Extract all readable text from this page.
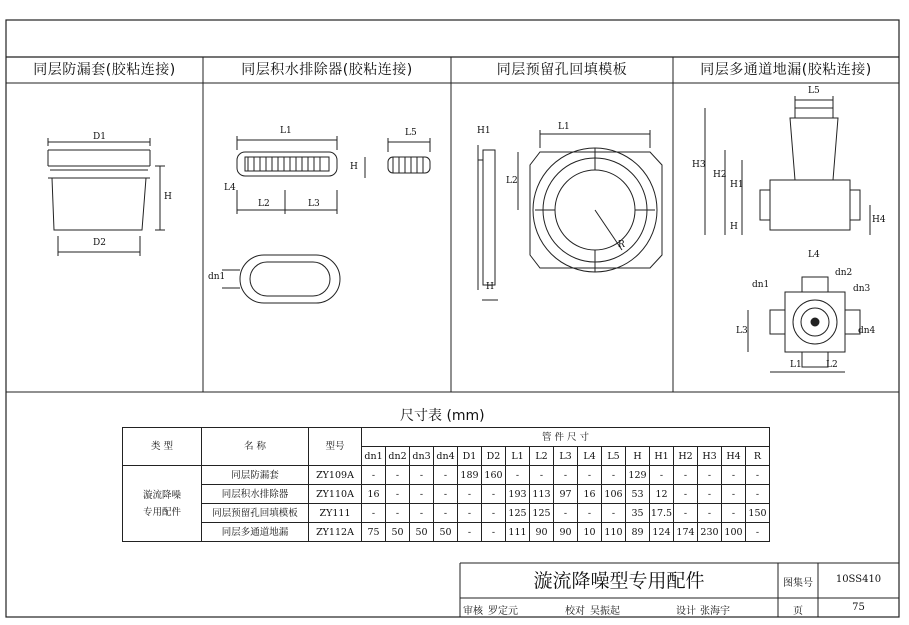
同层防漏套(胶粘连接)	同层积水排除器(胶粘连接)	同层预留孔回填模板	同层多通道地漏(胶粘连接)
D1
D2
H
L1
L2	L3
L4
L5
H
dn1
H1	L1
L2
R
H
L5
H3
H2
H1
H
H4
L4
dn2
dn1	dn3
dn4
L3
L1	L2
尺寸表 (mm)
类 型	名 称	型号	管 件 尺 寸																
			dn1	dn2	dn3	dn4	D1	D2	L1	L2	L3	L4	L5	H	H1	H2	H3	H4	R
漩流降噪
专用配件	同层防漏套	ZY109A	-	-	-	-	189	160	-	-	-	-	-	129	-	-	-	-	-
	同层积水排除器	ZY110A	16	-	-	-	-	-	193	113	97	16	106	53	12	-	-	-	-
	同层预留孔回填模板	ZY111	-	-	-	-	-	-	125	125	-	-	-	35	17.5	-	-	-	150
	同层多通道地漏	ZY112A	75	50	50	50	-	-	111	90	90	10	110	89	124	174	230	100	-
漩流降噪型专用配件	图集号	10SS410
页	75
审核 罗定元	校对 吴振起	设计 张海宇
